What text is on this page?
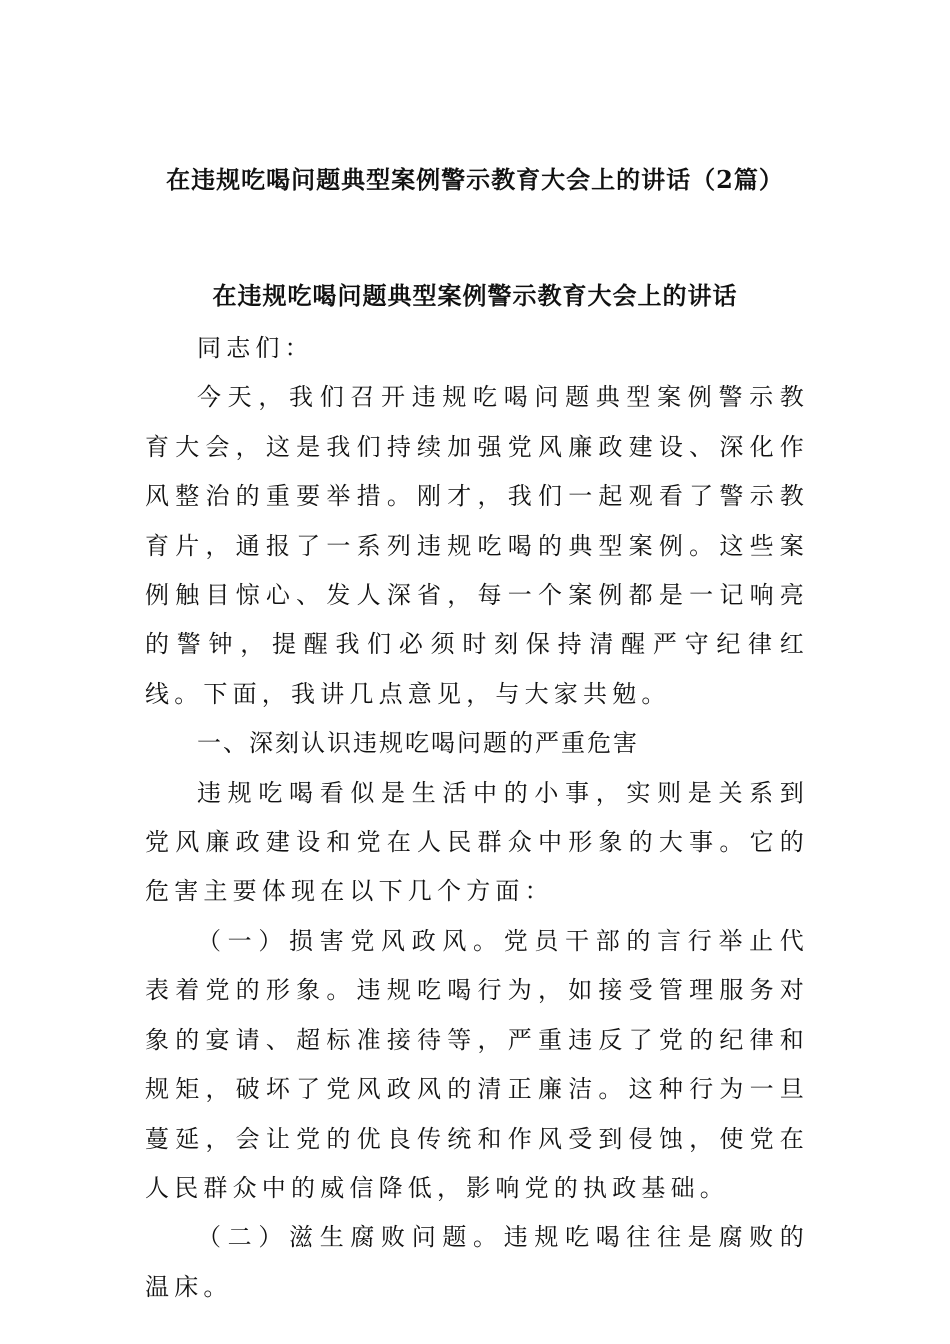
在违规吃喝问题典型案例警示教育大会上的讲话（2篇）
在违规吃喝问题典型案例警示教育大会上的讲话

同志们：

今天，我们召开违规吃喝问题典型案例警示教育大会，这是我们持续加强党风廉政建设、深化作风整治的重要举措。刚才，我们一起观看了警示教育片，通报了一系列违规吃喝的典型案例。这些案例触目惊心、发人深省，每一个案例都是一记响亮的警钟，提醒我们必须时刻保持清醒严守纪律红线。下面，我讲几点意见，与大家共勉。

一、深刻认识违规吃喝问题的严重危害

违规吃喝看似是生活中的小事，实则是关系到党风廉政建设和党在人民群众中形象的大事。它的危害主要体现在以下几个方面：

（一）损害党风政风。党员干部的言行举止代表着党的形象。违规吃喝行为，如接受管理服务对象的宴请、超标准接待等，严重违反了党的纪律和规矩，破坏了党风政风的清正廉洁。这种行为一旦蔓延，会让党的优良传统和作风受到侵蚀，使党在人民群众中的威信降低，影响党的执政基础。

（二）滋生腐败问题。违规吃喝往往是腐败的温床。
